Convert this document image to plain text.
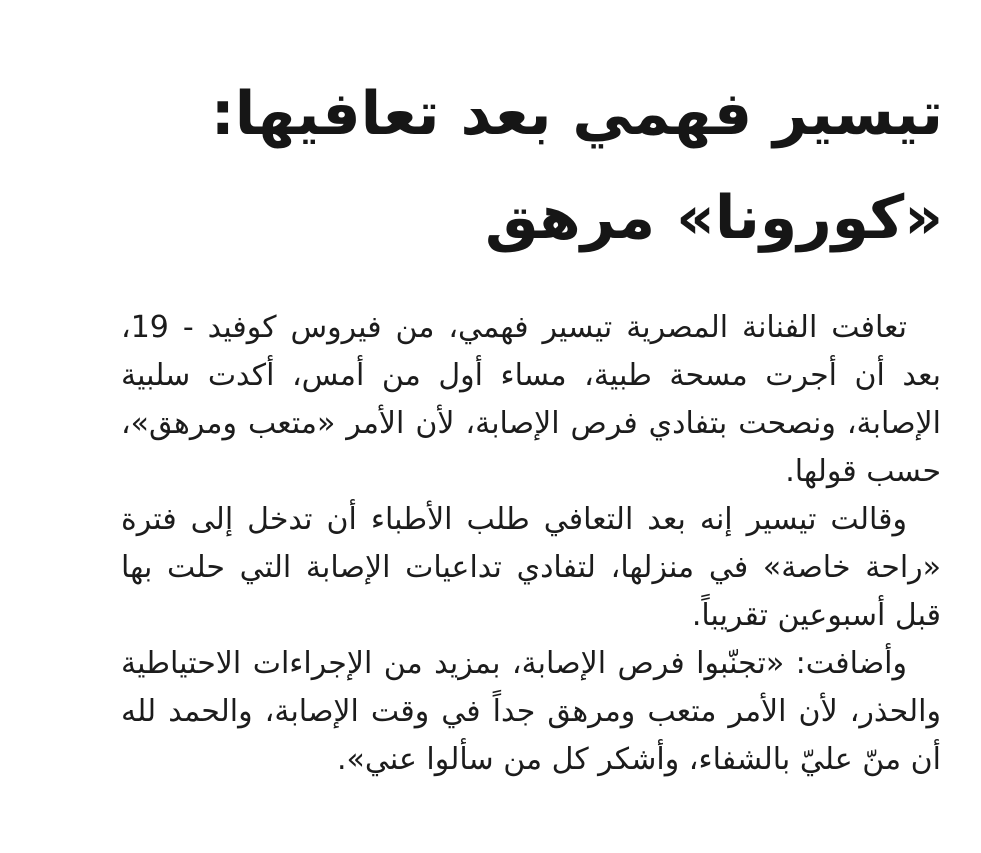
تيسير فهمي بعد تعافيها:
«كورونا» مرهق

تعافت الفنانة المصرية تيسير فهمي، من فيروس كوفيد - 19، بعد أن أجرت مسحة طبية، مساء أول من أمس، أكدت سلبية الإصابة، ونصحت بتفادي فرص الإصابة، لأن الأمر «متعب ومرهق»، حسب قولها.

وقالت تيسير إنه بعد التعافي طلب الأطباء أن تدخل إلى فترة «راحة خاصة» في منزلها، لتفادي تداعيات الإصابة التي حلت بها قبل أسبوعين تقريباً.

وأضافت: «تجنّبوا فرص الإصابة، بمزيد من الإجراءات الاحتياطية والحذر، لأن الأمر متعب ومرهق جداً في وقت الإصابة، والحمد لله أن منّ عليّ بالشفاء، وأشكر كل من سألوا عني».
